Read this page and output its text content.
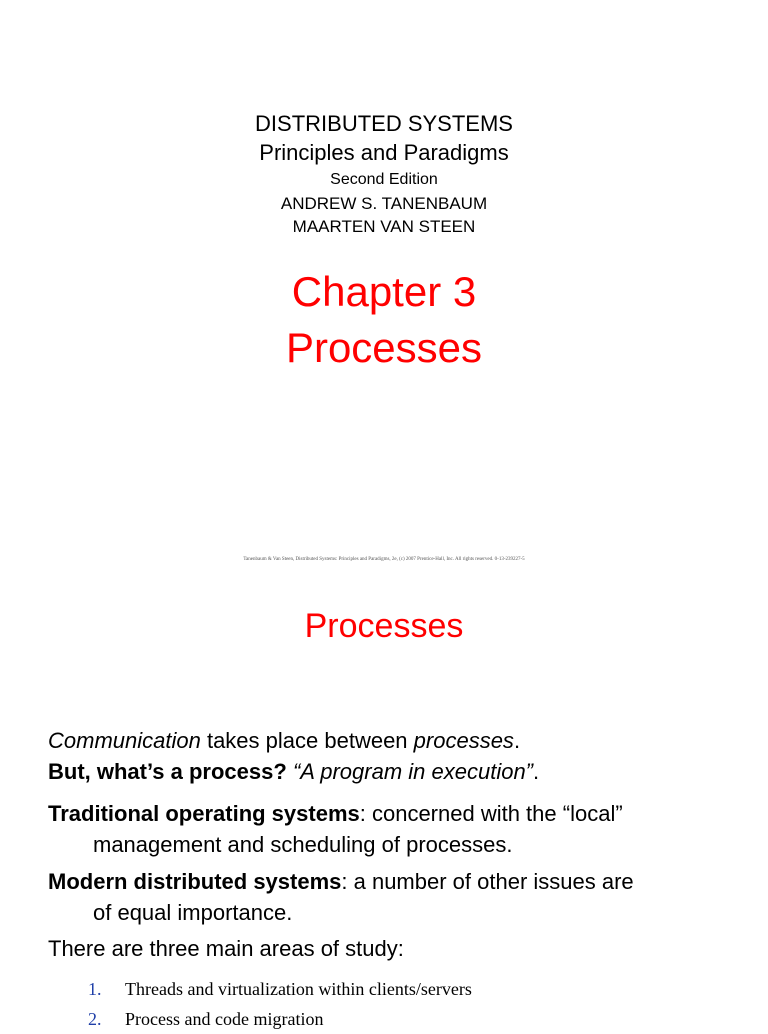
DISTRIBUTED SYSTEMS
Principles and Paradigms
Second Edition
ANDREW S. TANENBAUM
MAARTEN VAN STEEN
Chapter 3
Processes
Tanenbaum & Van Steen, Distributed Systems: Principles and Paradigms, 2e, (c) 2007 Prentice-Hall, Inc. All rights reserved. 0-13-239227-5
Processes

Communication takes place between processes.

But, what’s a process? “A program in execution”.

Traditional operating systems: concerned with the “local”
management and scheduling of processes.

Modern distributed systems: a number of other issues are
of equal importance.

There are three main areas of study:
1. Threads and virtualization within clients/servers
2. Process and code migration
